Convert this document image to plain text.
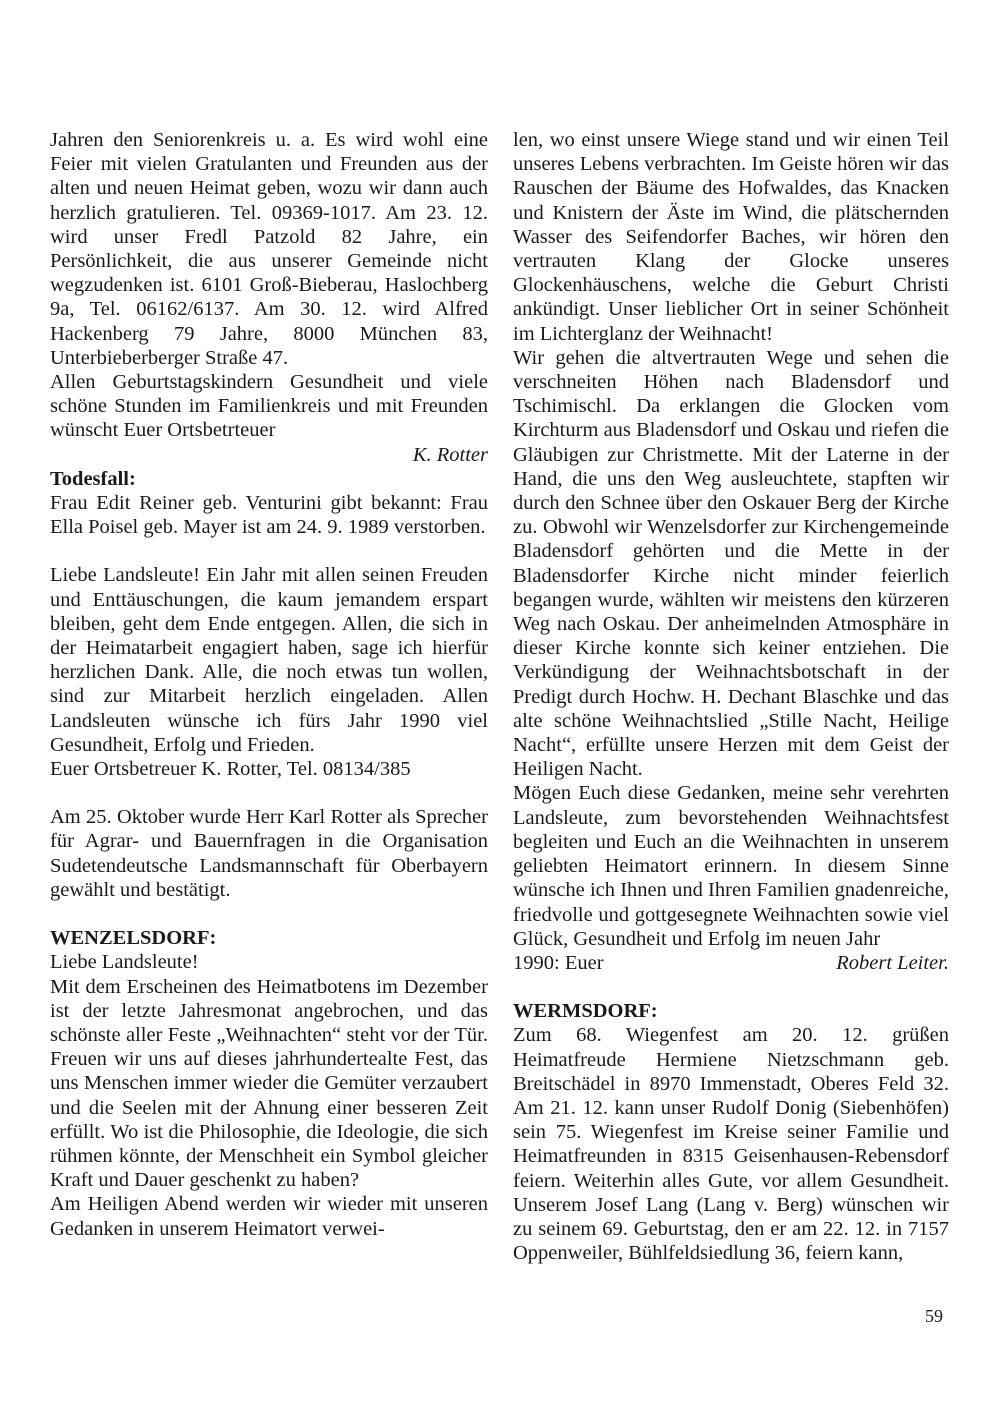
Jahren den Seniorenkreis u. a. Es wird wohl eine Feier mit vielen Gratulanten und Freunden aus der alten und neuen Heimat geben, wozu wir dann auch herzlich gratulieren. Tel. 09369-1017. Am 23. 12. wird unser Fredl Patzold 82 Jahre, ein Persönlichkeit, die aus unserer Gemeinde nicht wegzudenken ist. 6101 Groß-Bieberau, Haslochberg 9a, Tel. 06162/6137. Am 30. 12. wird Alfred Hackenberg 79 Jahre, 8000 München 83, Unterbieberberger Straße 47.

Allen Geburtstagskindern Gesundheit und viele schöne Stunden im Familienkreis und mit Freunden wünscht Euer Ortsbetrteuer

K. Rotter

Todesfall:

Frau Edit Reiner geb. Venturini gibt bekannt: Frau Ella Poisel geb. Mayer ist am 24. 9. 1989 verstorben.

Liebe Landsleute! Ein Jahr mit allen seinen Freuden und Enttäuschungen, die kaum jemandem erspart bleiben, geht dem Ende entgegen. Allen, die sich in der Heimatarbeit engagiert haben, sage ich hierfür herzlichen Dank. Alle, die noch etwas tun wollen, sind zur Mitarbeit herzlich eingeladen. Allen Landsleuten wünsche ich fürs Jahr 1990 viel Gesundheit, Erfolg und Frieden.

Euer Ortsbetreuer K. Rotter, Tel. 08134/385

Am 25. Oktober wurde Herr Karl Rotter als Sprecher für Agrar- und Bauernfragen in die Organisation Sudetendeutsche Landsmannschaft für Oberbayern gewählt und bestätigt.

WENZELSDORF:

Liebe Landsleute!

Mit dem Erscheinen des Heimatbotens im Dezember ist der letzte Jahresmonat angebrochen, und das schönste aller Feste „Weihnachten“ steht vor der Tür. Freuen wir uns auf dieses jahrhundertealte Fest, das uns Menschen immer wieder die Gemüter verzaubert und die Seelen mit der Ahnung einer besseren Zeit erfüllt. Wo ist die Philosophie, die Ideologie, die sich rühmen könnte, der Menschheit ein Symbol gleicher Kraft und Dauer geschenkt zu haben?

Am Heiligen Abend werden wir wieder mit unseren Gedanken in unserem Heimatort verwei-

len, wo einst unsere Wiege stand und wir einen Teil unseres Lebens verbrachten. Im Geiste hören wir das Rauschen der Bäume des Hofwaldes, das Knacken und Knistern der Äste im Wind, die plätschernden Wasser des Seifendorfer Baches, wir hören den vertrauten Klang der Glocke unseres Glockenhäuschens, welche die Geburt Christi ankündigt. Unser lieblicher Ort in seiner Schönheit im Lichterglanz der Weihnacht!

Wir gehen die altvertrauten Wege und sehen die verschneiten Höhen nach Bladensdorf und Tschimischl. Da erklangen die Glocken vom Kirchturm aus Bladensdorf und Oskau und riefen die Gläubigen zur Christmette. Mit der Laterne in der Hand, die uns den Weg ausleuchtete, stapften wir durch den Schnee über den Oskauer Berg der Kirche zu. Obwohl wir Wenzelsdorfer zur Kirchengemeinde Bladensdorf gehörten und die Mette in der Bladensdorfer Kirche nicht minder feierlich begangen wurde, wählten wir meistens den kürzeren Weg nach Oskau. Der anheimelnden Atmosphäre in dieser Kirche konnte sich keiner entziehen. Die Verkündigung der Weihnachtsbotschaft in der Predigt durch Hochw. H. Dechant Blaschke und das alte schöne Weihnachtslied „Stille Nacht, Heilige Nacht“, erfüllte unsere Herzen mit dem Geist der Heiligen Nacht.

Mögen Euch diese Gedanken, meine sehr verehrten Landsleute, zum bevorstehenden Weihnachtsfest begleiten und Euch an die Weihnachten in unserem geliebten Heimatort erinnern. In diesem Sinne wünsche ich Ihnen und Ihren Familien gnadenreiche, friedvolle und gottgesegnete Weihnachten sowie viel Glück, Gesundheit und Erfolg im neuen Jahr

1990: Euer	Robert Leiter.

WERMSDORF:

Zum 68. Wiegenfest am 20. 12. grüßen Heimatfreude Hermiene Nietzschmann geb. Breitschädel in 8970 Immenstadt, Oberes Feld 32. Am 21. 12. kann unser Rudolf Donig (Siebenhöfen) sein 75. Wiegenfest im Kreise seiner Familie und Heimatfreunden in 8315 Geisenhausen-Rebensdorf feiern. Weiterhin alles Gute, vor allem Gesundheit. Unserem Josef Lang (Lang v. Berg) wünschen wir zu seinem 69. Geburtstag, den er am 22. 12. in 7157 Oppenweiler, Bühlfeldsiedlung 36, feiern kann,

59
